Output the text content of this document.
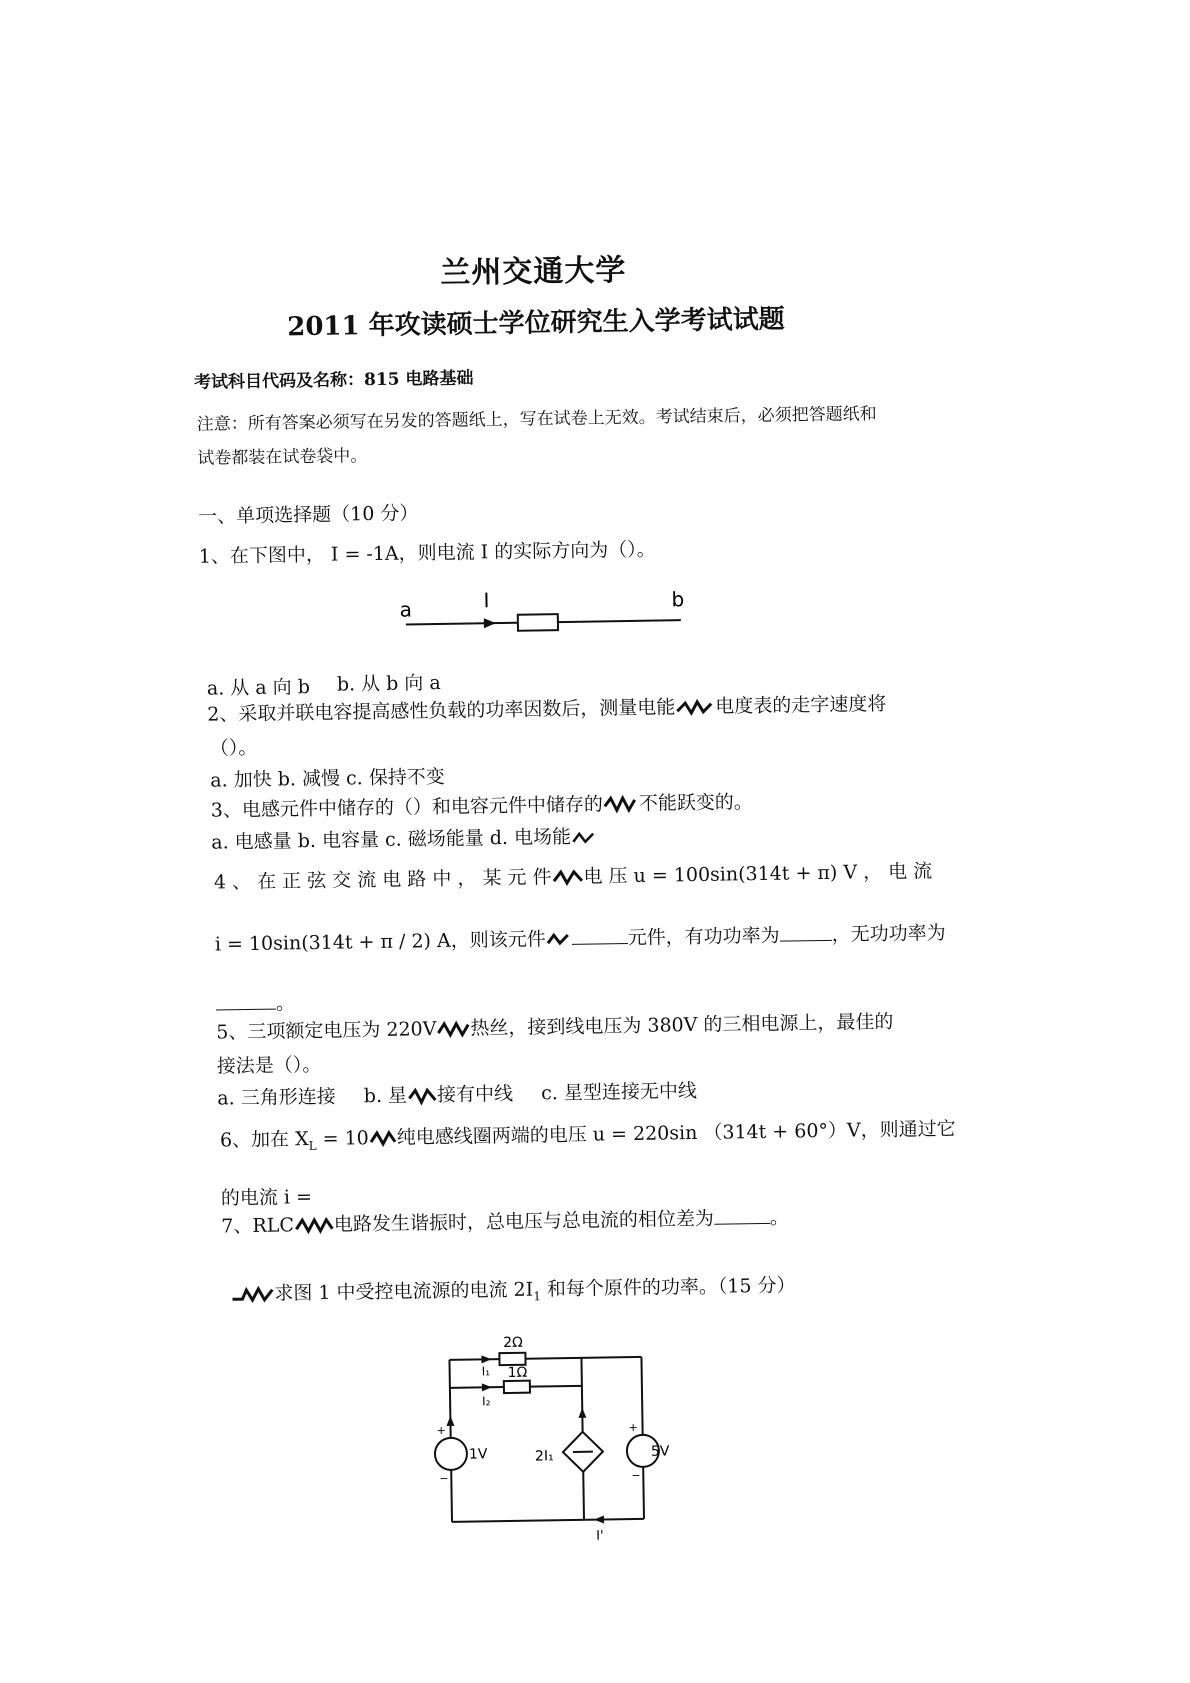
兰州交通大学
2011 年攻读硕士学位研究生入学考试试题
考试科目代码及名称：815 电路基础
注意：所有答案必须写在另发的答题纸上，写在试卷上无效。考试结束后，必须把答题纸和
试卷都装在试卷袋中。
一、单项选择题（10 分）
1、在下图中， I = -1A，则电流 I 的实际方向为（）。
a	I	b
a. 从 a 向 b b. 从 b 向 a
2、采取并联电容提高感性负载的功率因数后，测量电能 电度表的走字速度将
（）。
a. 加快 b. 减慢 c. 保持不变
3、电感元件中储存的（）和电容元件中储存的 不能跃变的。
a. 电感量 b. 电容量 c. 磁场能量 d. 电场能
4 、 在 正 弦 交 流 电 路 中 ， 某 元 件 电 压 u = 100sin(314t + π) V ， 电 流
i = 10sin(314t + π / 2) A，则该元件	元件，有功功率为	，无功功率为
。
5、三项额定电压为 220V 热丝，接到线电压为 380V 的三相电源上，最佳的
接法是（）。
a. 三角形连接 b. 星 接有中线 c. 星型连接无中线
6、加在 $X_L = 10$ 纯电感线圈两端的电压 u = 220sin （314t + 60°）V，则通过它
的电流 i =
7、RLC 电路发生谐振时，总电压与总电流的相位差为	。
求图 1 中受控电流源的电流 $2I_1$ 和每个原件的功率。（15 分）
2Ω
1Ω
I₁
I₂
1V	2I₁	5V
I'
+
−
+
−
